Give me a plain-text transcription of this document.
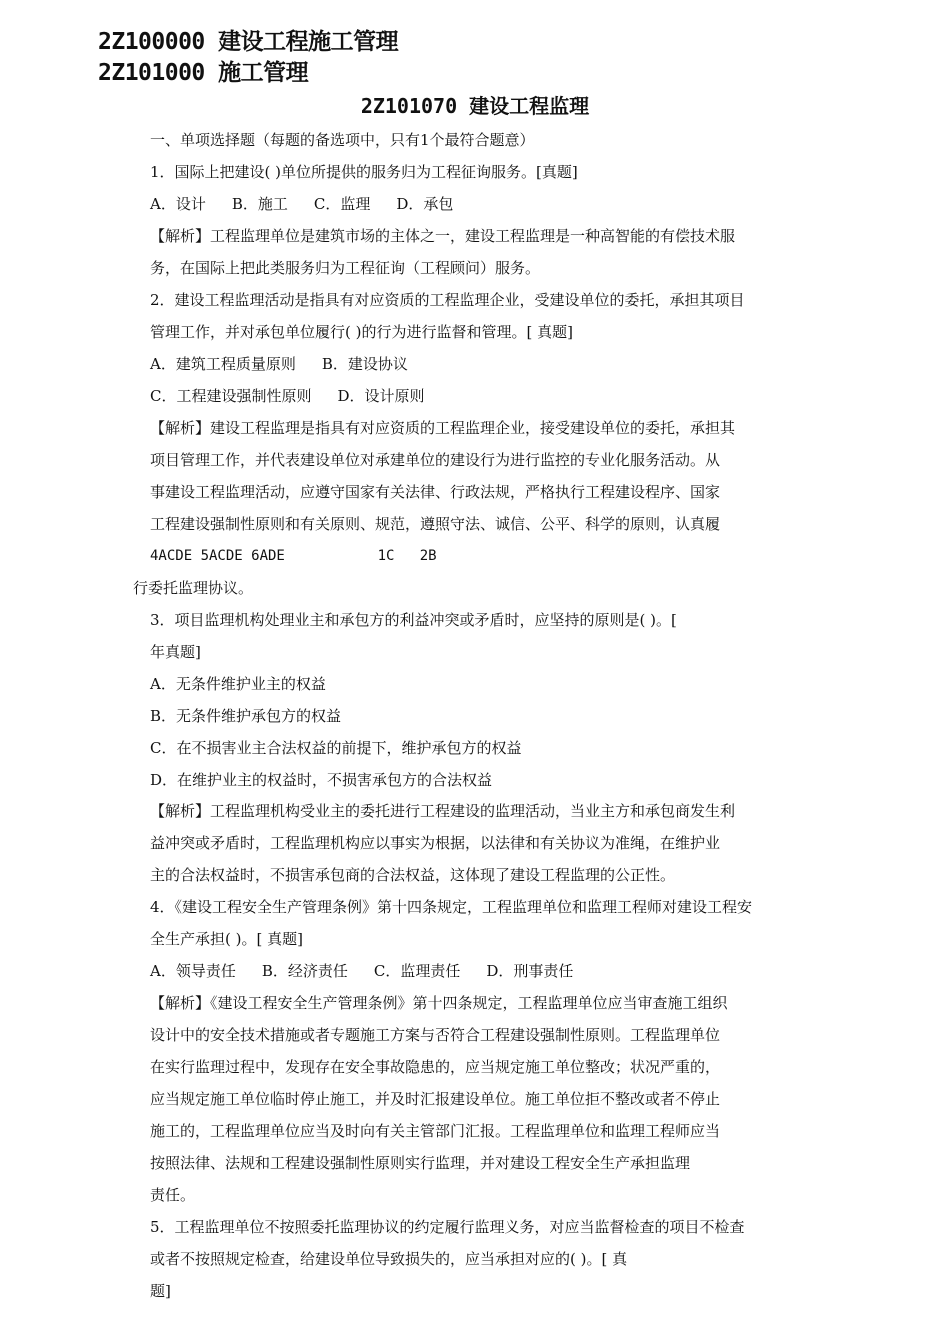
2Z100000 建设工程施工管理
2Z101000 施工管理
2Z101070 建设工程监理
一、单项选择题（每题的备选项中，只有1个最符合题意）
1．国际上把建设( )单位所提供的服务归为工程征询服务。[真题]
A．设计 B．施工 C．监理 D．承包
【解析】工程监理单位是建筑市场的主体之一，建设工程监理是一种高智能的有偿技术服
务，在国际上把此类服务归为工程征询（工程顾问）服务。
2．建设工程监理活动是指具有对应资质的工程监理企业，受建设单位的委托，承担其项目
管理工作，并对承包单位履行( )的行为进行监督和管理。[ 真题]
A．建筑工程质量原则 B．建设协议
C．工程建设强制性原则 D．设计原则
【解析】建设工程监理是指具有对应资质的工程监理企业，接受建设单位的委托，承担其
项目管理工作，并代表建设单位对承建单位的建设行为进行监控的专业化服务活动。从
事建设工程监理活动，应遵守国家有关法律、行政法规，严格执行工程建设程序、国家
工程建设强制性原则和有关原则、规范，遵照守法、诚信、公平、科学的原则，认真履
4ACDE 5ACDE 6ADE           1C   2B
行委托监理协议。
3．项目监理机构处理业主和承包方的利益冲突或矛盾时，应坚持的原则是( )。[
年真题]
A．无条件维护业主的权益
B．无条件维护承包方的权益
C．在不损害业主合法权益的前提下，维护承包方的权益
D．在维护业主的权益时，不损害承包方的合法权益
【解析】工程监理机构受业主的委托进行工程建设的监理活动，当业主方和承包商发生利
益冲突或矛盾时，工程监理机构应以事实为根据，以法律和有关协议为准绳，在维护业
主的合法权益时，不损害承包商的合法权益，这体现了建设工程监理的公正性。
4．《建设工程安全生产管理条例》第十四条规定，工程监理单位和监理工程师对建设工程安
全生产承担( )。[ 真题]
A．领导责任 B．经济责任 C．监理责任 D．刑事责任
【解析】《建设工程安全生产管理条例》第十四条规定，工程监理单位应当审查施工组织
设计中的安全技术措施或者专题施工方案与否符合工程建设强制性原则。工程监理单位
在实行监理过程中，发现存在安全事故隐患的，应当规定施工单位整改；状况严重的，
应当规定施工单位临时停止施工，并及时汇报建设单位。施工单位拒不整改或者不停止
施工的，工程监理单位应当及时向有关主管部门汇报。工程监理单位和监理工程师应当
按照法律、法规和工程建设强制性原则实行监理，并对建设工程安全生产承担监理
责任。
5．工程监理单位不按照委托监理协议的约定履行监理义务，对应当监督检查的项目不检查
或者不按照规定检查，给建设单位导致损失的，应当承担对应的( )。[ 真
题]
